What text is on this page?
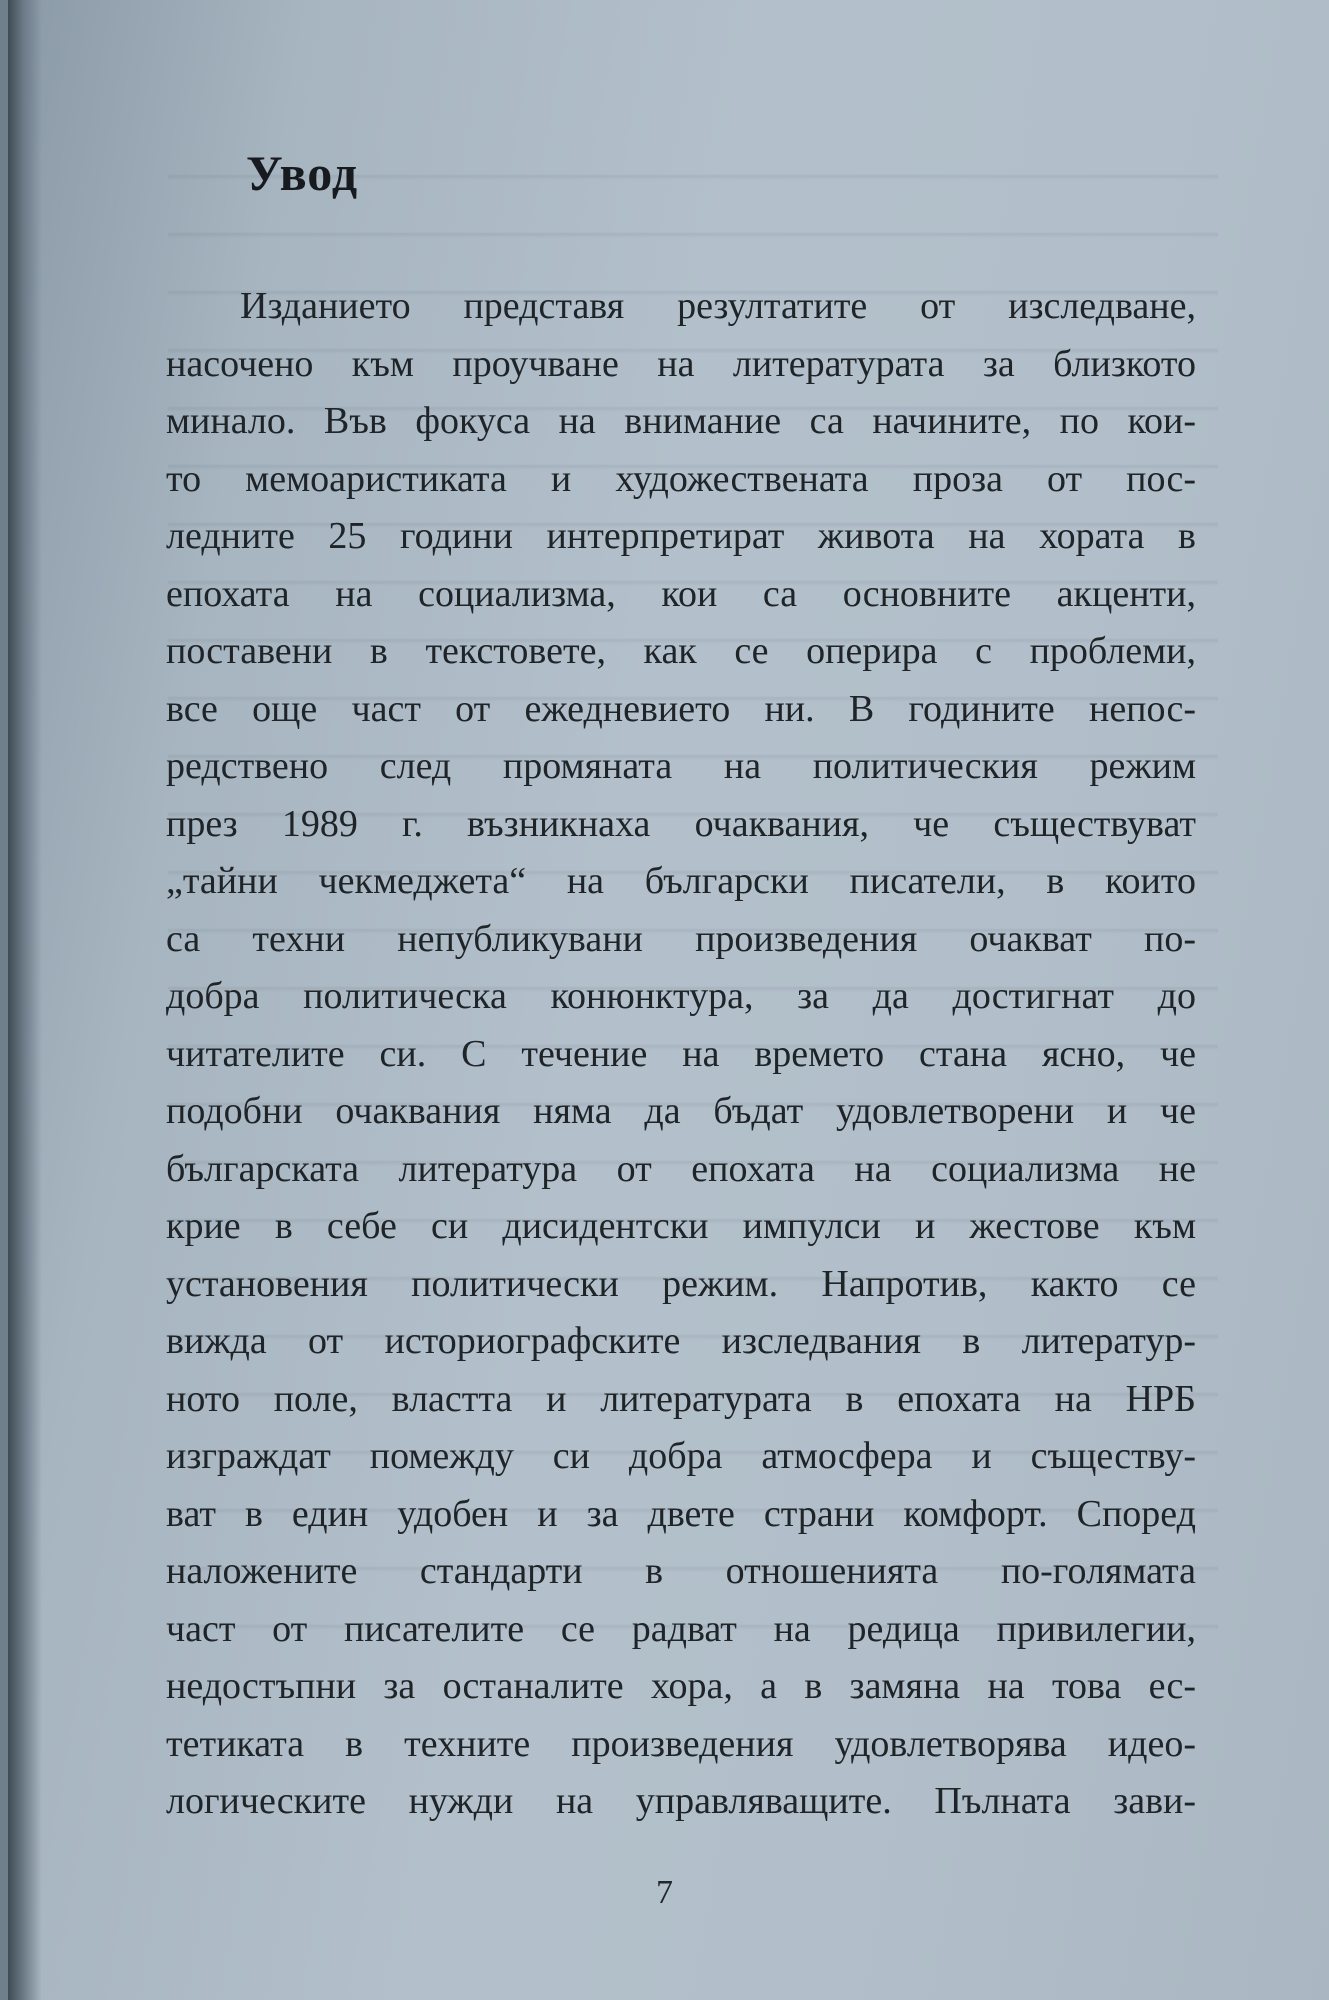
Увод
Изданието представя резултатите от изследване,
насочено към проучване на литературата за близкото
минало. Във фокуса на внимание са начините, по кои-
то мемоаристиката и художествената проза от пос-
ледните 25 години интерпретират живота на хората в
епохата на социализма, кои са основните акценти,
поставени в текстовете, как се оперира с проблеми,
все още част от ежедневието ни. В годините непос-
редствено след промяната на политическия режим
през 1989 г. възникнаха очаквания, че съществуват
„тайни чекмеджета“ на български писатели, в които
са техни непубликувани произведения очакват по-
добра политическа конюнктура, за да достигнат до
читателите си. С течение на времето стана ясно, че
подобни очаквания няма да бъдат удовлетворени и че
българската литература от епохата на социализма не
крие в себе си дисидентски импулси и жестове към
установения политически режим. Напротив, както се
вижда от историографските изследвания в литератур-
ното поле, властта и литературата в епохата на НРБ
изграждат помежду си добра атмосфера и съществу-
ват в един удобен и за двете страни комфорт. Според
наложените стандарти в отношенията по-голямата
част от писателите се радват на редица привилегии,
недостъпни за останалите хора, а в замяна на това ес-
тетиката в техните произведения удовлетворява идео-
логическите нужди на управляващите. Пълната зави-
7
